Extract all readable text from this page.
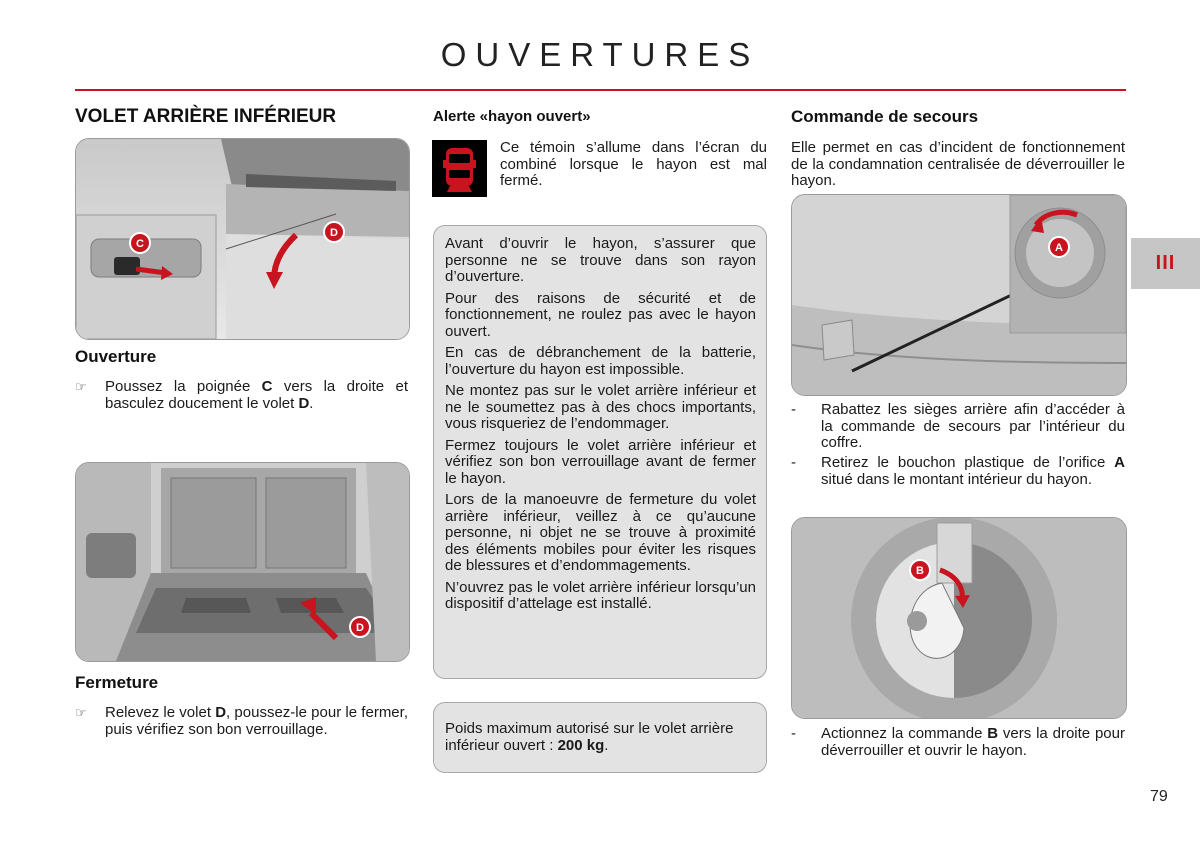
OUVERTURES
III
79
VOLET ARRIÈRE INFÉRIEUR
C
D
Ouverture
☞ Poussez la poignée C vers la droite et basculez doucement le volet D.
D
Fermeture
☞ Relevez le volet D, poussez-le pour le fermer, puis vérifiez son bon verrouillage.
Alerte «hayon ouvert»
Ce témoin s’allume dans l’écran du combiné lorsque le hayon est mal fermé.

Avant d’ouvrir le hayon, s’assurer que personne ne se trouve dans son rayon d’ouverture.

Pour des raisons de sécurité et de fonctionnement, ne roulez pas avec le hayon ouvert.

En cas de débranchement de la batterie, l’ouverture du hayon est impossible.

Ne montez pas sur le volet arrière inférieur et ne le soumettez pas à des chocs importants, vous risqueriez de l’endommager.

Fermez toujours le volet arrière inférieur et vérifiez son bon verrouillage avant de fermer le hayon.

Lors de la manoeuvre de fermeture du volet arrière inférieur, veillez à ce qu’aucune personne, ni objet ne se trouve à proximité des éléments mobiles pour éviter les risques de blessures et d’endommagements.

N’ouvrez pas le volet arrière inférieur lorsqu’un dispositif d’attelage est installé.

Poids maximum autorisé sur le volet arrière inférieur ouvert : 200 kg.
Commande de secours
Elle permet en cas d’incident de fonctionnement de la condamnation centralisée de déverrouiller le hayon.
A
- Rabattez les sièges arrière afin d’accéder à la commande de secours par l’intérieur du coffre.
- Retirez le bouchon plastique de l’orifice A situé dans le montant intérieur du hayon.
B
- Actionnez la commande B vers la droite pour déverrouiller et ouvrir le hayon.
